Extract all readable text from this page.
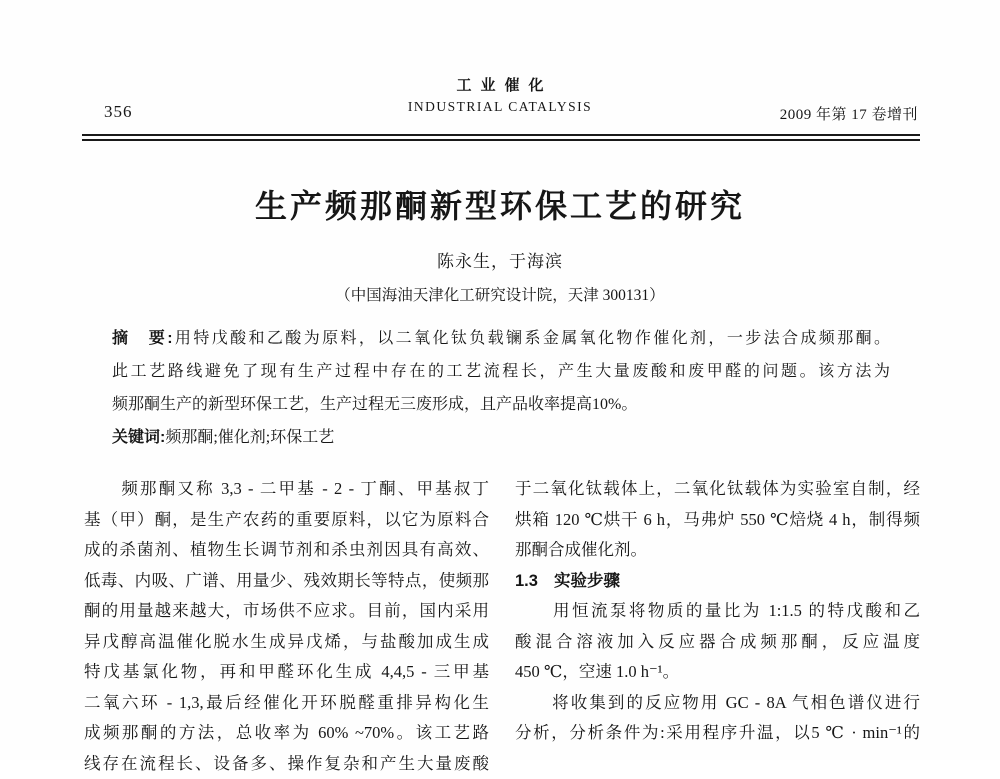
356
工业催化
INDUSTRIAL CATALYSIS
2009 年第 17 卷增刊
生产频那酮新型环保工艺的研究
陈永生，于海滨
（中国海油天津化工研究设计院，天津 300131）
摘　要:用特戊酸和乙酸为原料，以二氧化钛负载镧系金属氧化物作催化剂，一步法合成频那酮。
此工艺路线避免了现有生产过程中存在的工艺流程长，产生大量废酸和废甲醛的问题。该方法为
频那酮生产的新型环保工艺，生产过程无三废形成，且产品收率提高10%。
关键词:频那酮;催化剂;环保工艺
　　频那酮又称 3,3 - 二甲基 - 2 - 丁酮、甲基叔丁
基（甲）酮，是生产农药的重要原料，以它为原料合
成的杀菌剂、植物生长调节剂和杀虫剂因具有高效、
低毒、内吸、广谱、用量少、残效期长等特点，使频那
酮的用量越来越大，市场供不应求。目前，国内采用
异戊醇高温催化脱水生成异戊烯，与盐酸加成生成
特戊基氯化物，再和甲醛环化生成 4,4,5 - 三甲基
二氧六环 - 1,3,最后经催化开环脱醛重排异构化生
成频那酮的方法，总收率为 60% ~70%。该工艺路
线存在流程长、设备多、操作复杂和产生大量废酸
于二氧化钛载体上，二氧化钛载体为实验室自制，经
烘箱 120 ℃烘干 6 h，马弗炉 550 ℃焙烧 4 h，制得频
那酮合成催化剂。
1.3 实验步骤
　　用恒流泵将物质的量比为 1:1.5 的特戊酸和乙
酸混合溶液加入反应器合成频那酮，反应温度
450 ℃，空速 1.0 h⁻¹。
　　将收集到的反应物用 GC - 8A 气相色谱仪进行
分析，分析条件为:采用程序升温，以5 ℃ · min⁻¹的
